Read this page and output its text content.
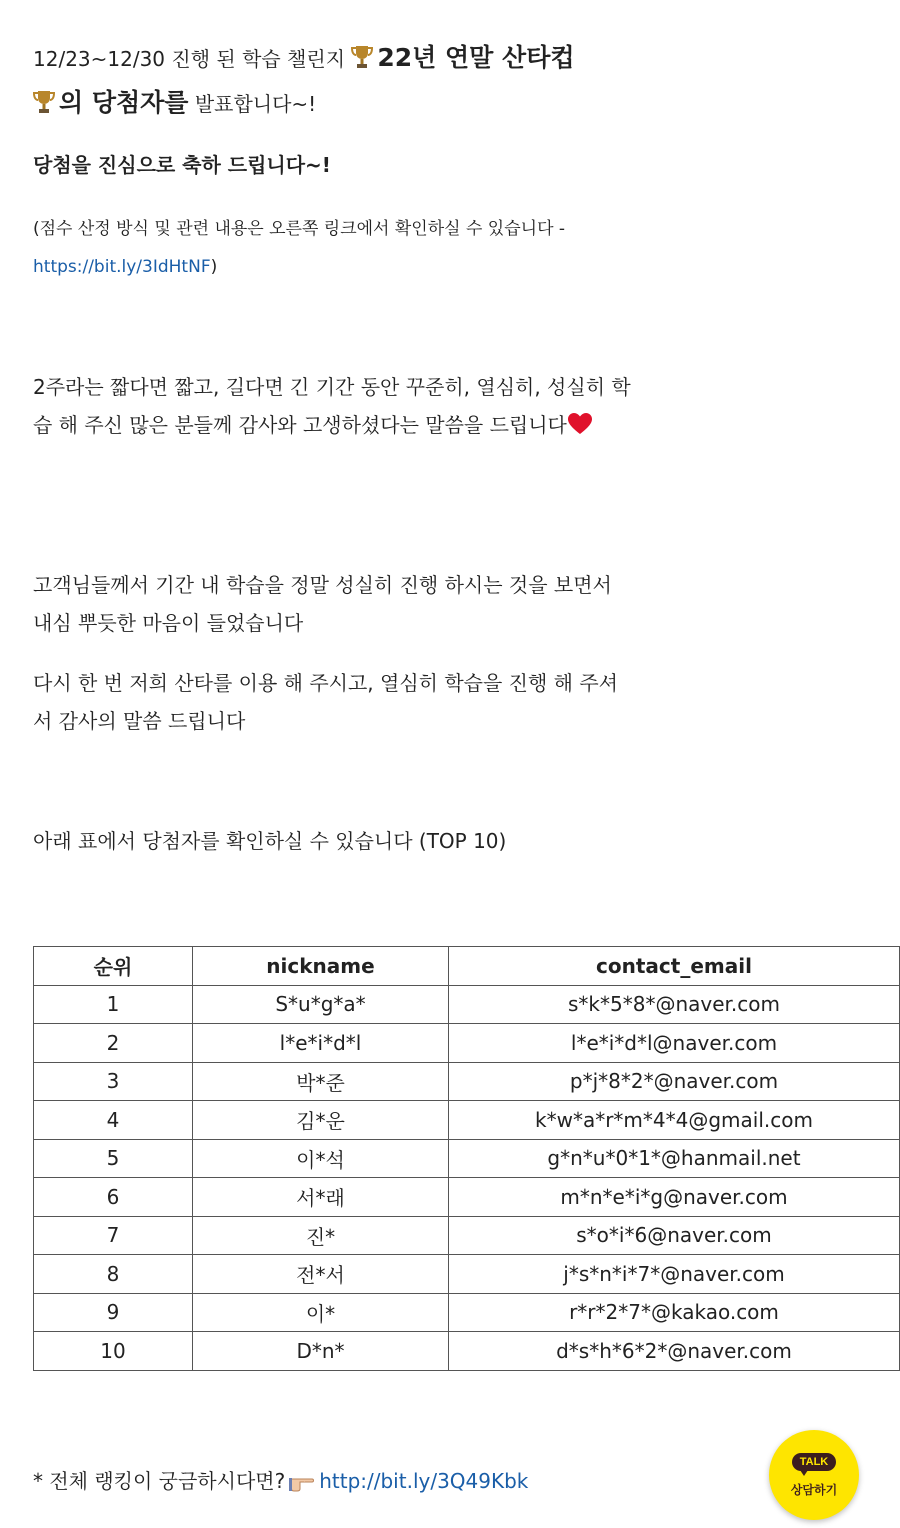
12/23~12/30 진행 된 학습 챌린지 22년 연말 산타컵
의 당첨자를 발표합니다~!
당첨을 진심으로 축하 드립니다~!
(점수 산정 방식 및 관련 내용은 오른쪽 링크에서 확인하실 수 있습니다 -
https://bit.ly/3IdHtNF)
2주라는 짧다면 짧고, 길다면 긴 기간 동안 꾸준히, 열심히, 성실히 학습 해 주신 많은 분들께 감사와 고생하셨다는 말씀을 드립니다
고객님들께서 기간 내 학습을 정말 성실히 진행 하시는 것을 보면서 내심 뿌듯한 마음이 들었습니다
다시 한 번 저희 산타를 이용 해 주시고, 열심히 학습을 진행 해 주셔서 감사의 말씀 드립니다
아래 표에서 당첨자를 확인하실 수 있습니다 (TOP 10)
순위	nickname	contact_email
1	S*u*g*a*	s*k*5*8*@naver.com
2	l*e*i*d*l	l*e*i*d*l@naver.com
3	박*준	p*j*8*2*@naver.com
4	김*운	k*w*a*r*m*4*4@gmail.com
5	이*석	g*n*u*0*1*@hanmail.net
6	서*래	m*n*e*i*g@naver.com
7	진*	s*o*i*6@naver.com
8	전*서	j*s*n*i*7*@naver.com
9	이*	r*r*2*7*@kakao.com
10	D*n*	d*s*h*6*2*@naver.com
* 전체 랭킹이 궁금하시다면? http://bit.ly/3Q49Kbk
TALK
상담하기
